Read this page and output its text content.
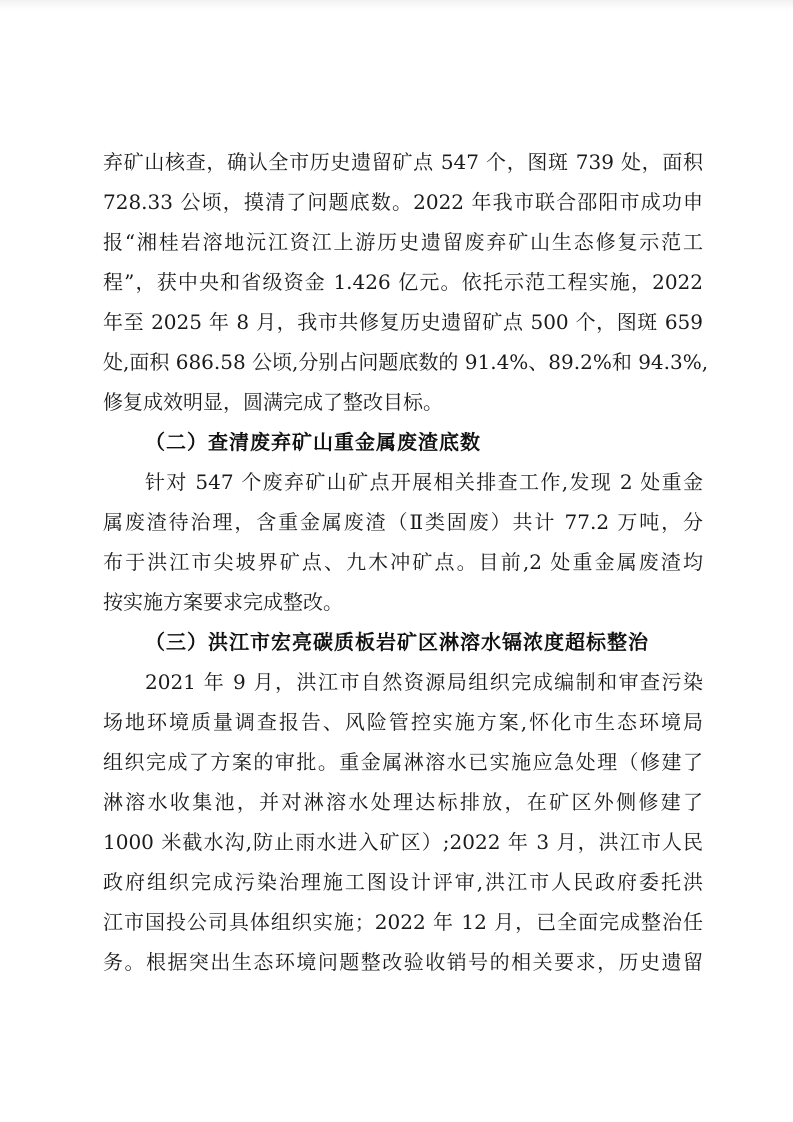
弃矿山核查，确认全市历史遗留矿点 547 个，图斑 739 处，面积
728.33 公顷，摸清了问题底数。2022 年我市联合邵阳市成功申
报“湘桂岩溶地沅江资江上游历史遗留废弃矿山生态修复示范工
程”，获中央和省级资金 1.426 亿元。依托示范工程实施，2022
年至 2025 年 8 月，我市共修复历史遗留矿点 500 个，图斑 659
处,面积 686.58 公顷,分别占问题底数的 91.4%、89.2%和 94.3%,
修复成效明显，圆满完成了整改目标。
（二）查清废弃矿山重金属废渣底数
针对 547 个废弃矿山矿点开展相关排查工作,发现 2 处重金
属废渣待治理，含重金属废渣（Ⅱ类固废）共计 77.2 万吨，分
布于洪江市尖坡界矿点、九木冲矿点。目前,2 处重金属废渣均
按实施方案要求完成整改。
（三）洪江市宏亮碳质板岩矿区淋溶水镉浓度超标整治
2021 年 9 月，洪江市自然资源局组织完成编制和审查污染
场地环境质量调查报告、风险管控实施方案,怀化市生态环境局
组织完成了方案的审批。重金属淋溶水已实施应急处理（修建了
淋溶水收集池，并对淋溶水处理达标排放，在矿区外侧修建了
1000 米截水沟,防止雨水进入矿区）;2022 年 3 月，洪江市人民
政府组织完成污染治理施工图设计评审,洪江市人民政府委托洪
江市国投公司具体组织实施；2022 年 12 月，已全面完成整治任
务。根据突出生态环境问题整改验收销号的相关要求，历史遗留
